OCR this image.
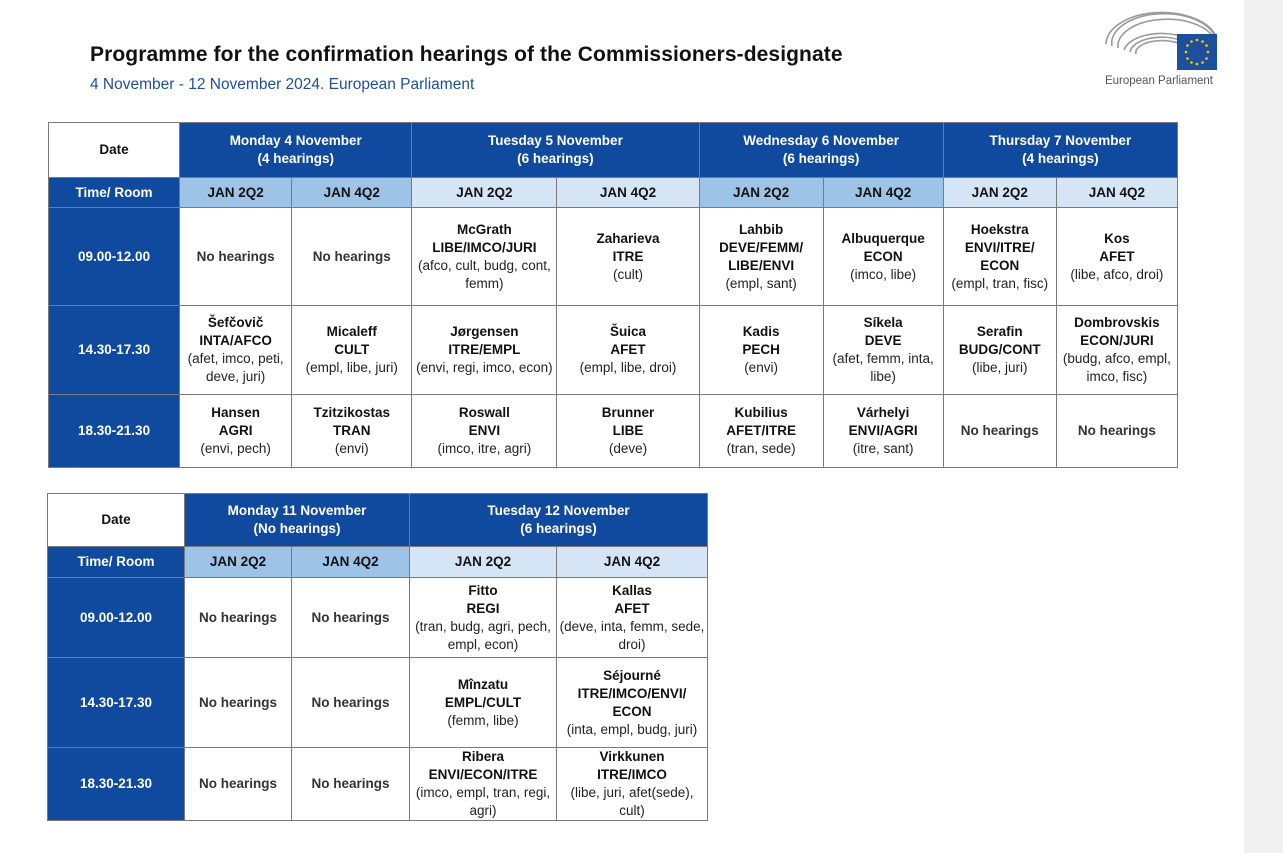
Programme for the confirmation hearings of the Commissioners-designate
4 November - 12 November 2024. European Parliament	European Parliament
Date	Monday 4 November
(4 hearings)		Tuesday 5 November
(6 hearings)		Wednesday 6 November
(6 hearings)		Thursday 7 November
(4 hearings)	

Time/ Room	JAN 2Q2	JAN 4Q2	JAN 2Q2	JAN 4Q2	JAN 2Q2	JAN 4Q2	JAN 2Q2	JAN 4Q2
09.00-12.00	No hearings	No hearings	McGrath
LIBE/IMCO/JURI
(afco, cult, budg, cont, femm)	Zaharieva
ITRE
(cult)	Lahbib
DEVE/FEMM/ LIBE/ENVI
(empl, sant)	Albuquerque
ECON
(imco, libe)	Hoekstra
ENVI/ITRE/ ECON
(empl, tran, fisc)	Kos
AFET
(libe, afco, droi)

14.30-17.30	Šefčovič
INTA/AFCO
(afet, imco, peti, deve, juri)	Micaleff
CULT
(empl, libe, juri)	Jørgensen
ITRE/EMPL
(envi, regi, imco, econ)	Šuica
AFET
(empl, libe, droi)	Kadis
PECH
(envi)	Síkela
DEVE
(afet, femm, inta, libe)	Serafin
BUDG/CONT
(libe, juri)	Dombrovskis
ECON/JURI
(budg, afco, empl, imco, fisc)

18.30-21.30	Hansen
AGRI
(envi, pech)	Tzitzikostas
TRAN
(envi)	Roswall
ENVI
(imco, itre, agri)	Brunner
LIBE
(deve)	Kubilius
AFET/ITRE
(tran, sede)	Várhelyi
ENVI/AGRI
(itre, sant)	No hearings	No hearings
Date	Monday 11 November
(No hearings)		Tuesday 12 November
(6 hearings)	

Time/ Room	JAN 2Q2	JAN 4Q2	JAN 2Q2	JAN 4Q2
09.00-12.00	No hearings	No hearings	Fitto
REGI
(tran, budg, agri, pech, empl, econ)	Kallas
AFET
(deve, inta, femm, sede, droi)

14.30-17.30	No hearings	No hearings	Mînzatu
EMPL/CULT
(femm, libe)	Séjourné
ITRE/IMCO/ENVI/ ECON
(inta, empl, budg, juri)

18.30-21.30	No hearings	No hearings	Ribera
ENVI/ECON/ITRE
(imco, empl, tran, regi, agri)	Virkkunen
ITRE/IMCO
(libe, juri, afet(sede), cult)
